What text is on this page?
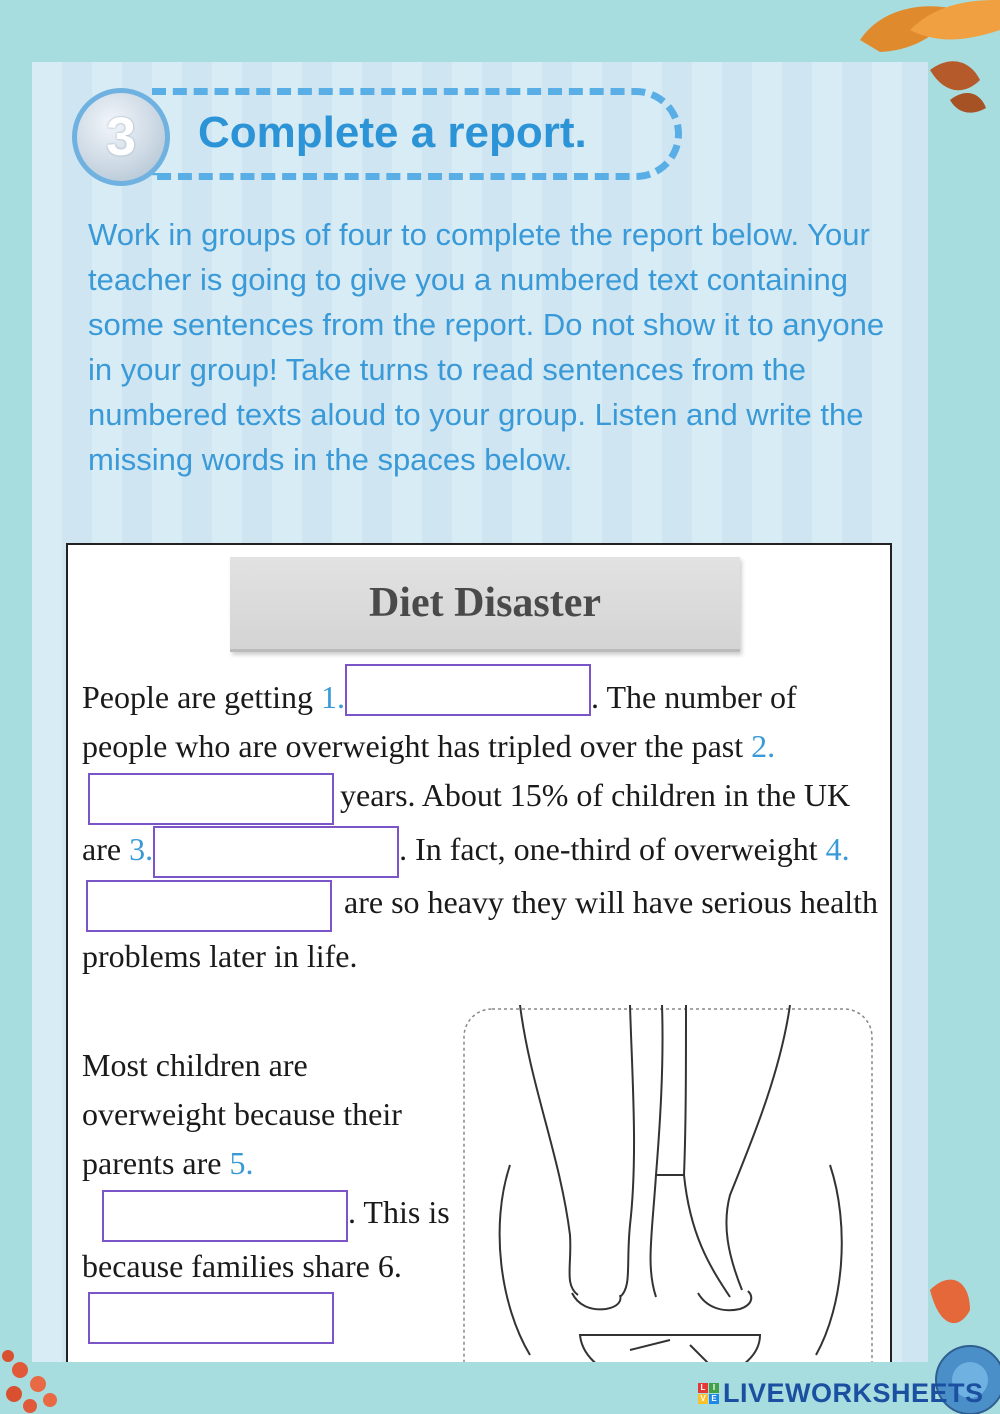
3 Complete a report.
Work in groups of four to complete the report below. Your teacher is going to give you a numbered text containing some sentences from the report. Do not show it to anyone in your group! Take turns to read sentences from the numbered texts aloud to your group. Listen and write the missing words in the spaces below.
Diet Disaster
People are getting 1.	. The number of people who are overweight has tripled over the past 2.years. About 15% of children in the UK are 3.	. In fact, one-third of overweight 4. are so heavy they will have serious health problems later in life.
Most children are overweight because their parents are 5.. This is because families share 6.
L I
V E LIVEWORKSHEETS
